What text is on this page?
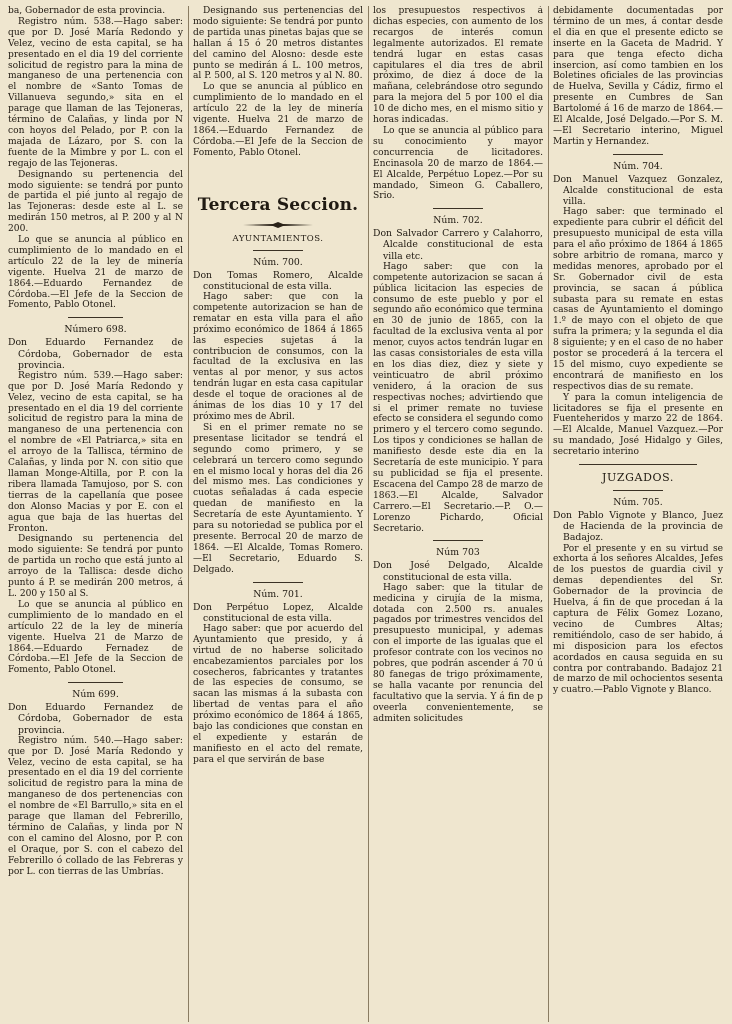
ba, Gobernador de esta provincia.

Registro núm. 538.—Hago saber: que por D. José María Redondo y Velez, vecino de esta capital, se ha presentado en el dia 19 del corriente solicitud de registro para la mina de manganeso de una pertenencia con el nombre de «Santo Tomas de Villanueva segundo,» sita en el parage que llaman de las Tejoneras, término de Calañas, y linda por N con hoyos del Pelado, por P. con la majada de Lázaro, por S. con la fuente de la Mimbre y por L. con el regajo de las Tejoneras.

Designando su pertenencia del modo siguiente: se tendrá por punto de partida el pié junto al regajo de las Tejoneras: desde este al L. se medirán 150 metros, al P. 200 y al N 200.

Lo que se anuncia al público en cumplimiento de lo mandado en el artículo 22 de la ley de minería vigente. Huelva 21 de marzo de 1864.—Eduardo Fernandez de Córdoba.—El Jefe de la Seccion de Fomento, Pablo Otonel.

Número 698.

Don Eduardo Fernandez de Córdoba, Gobernador de esta provincia.

Registro núm. 539.—Hago saber: que por D. José María Redondo y Velez, vecino de esta capital, se ha presentado en el dia 19 del corriente solicitud de registro para la mina de manganeso de una pertenencia con el nombre de «El Patriarca,» sita en el arroyo de la Tallisca, término de Calañas, y linda por N. con sitio que llaman Monge-Altilla, por P. con la ribera llamada Tamujoso, por S. con tierras de la capellanía que posee don Alonso Macias y por E. con el agua que baja de las huertas del Fronton.

Designando su pertenencia del modo siguiente: Se tendrá por punto de partida un rocho que está junto al arroyo de la Tallisca: desde dicho punto á P. se medirán 200 metros, á L. 200 y 150 al S.

Lo que se anuncia al público en cumplimiento de lo mandado en el artículo 22 de la ley de minería vigente. Huelva 21 de Marzo de 1864.—Eduardo Fernadez de Córdoba.—El Jefe de la Seccion de Fomento, Pablo Otonel.

Núm 699.

Don Eduardo Fernandez de Córdoba, Gobernador de esta provincia.

Registro núm. 540.—Hago saber: que por D. José María Redondo y Velez, vecino de esta capital, se ha presentado en el dia 19 del corriente solicitud de registro para la mina de manganeso de dos pertenencias con el nombre de «El Barrullo,» sita en el parage que llaman del Febrerillo, término de Calañas, y linda por N con el camino del Alosno, por P. con el Oraque, por S. con el cabezo del Febrerillo ó collado de las Febreras y por L. con tierras de las Umbrías.

Designando sus pertenencias del modo siguiente: Se tendrá por punto de partida unas pinetas bajas que se hallan á 15 ó 20 metros distantes del camino del Alosno: desde este punto se medirán á L. 100 metros, al P. 500, al S. 120 metros y al N. 80.

Lo que se anuncia al público en cumplimiento de lo mandado en el artículo 22 de la ley de minería vigente. Huelva 21 de marzo de 1864.—Eduardo Fernandez de Córdoba.—El Jefe de la Seccion de Fomento, Pablo Otonel.

Tercera Seccion.
AYUNTAMIENTOS.
Núm. 700.

Don Tomas Romero, Alcalde constitucional de esta villa.

Hago saber: que con la competente autorizacion se han de rematar en esta villa para el año próximo económico de 1864 á 1865 las especies sujetas á la contribucion de consumos, con la facultad de la exclusiva en las ventas al por menor, y sus actos tendrán lugar en esta casa capitular desde el toque de oraciones al de ánimas de los dias 10 y 17 del próximo mes de Abril.

Si en el primer remate no se presentase licitador se tendrá el segundo como primero, y se celebrará un tercero como segundo en el mismo local y horas del dia 26 del mismo mes. Las condiciones y cuotas señaladas á cada especie quedan de manifiesto en la Secretaría de este Ayuntamiento. Y para su notoriedad se publica por el presente. Berrocal 20 de marzo de 1864. —El Alcalde, Tomas Romero. —El Secretario, Eduardo S. Delgado.

Núm. 701.

Don Perpétuo Lopez, Alcalde constitucional de esta villa.

Hago saber: que por acuerdo del Ayuntamiento que presido, y á virtud de no haberse solicitado encabezamientos parciales por los cosecheros, fabricantes y tratantes de las especies de consumo, se sacan las mismas á la subasta con libertad de ventas para el año próximo económico de 1864 á 1865, bajo las condiciones que constan en el expediente y estarán de manifiesto en el acto del remate, para el que servirán de base

los presupuestos respectivos á dichas especies, con aumento de los recargos de interés comun legalmente autorizados. El remate tendrá lugar en estas casas capitulares el dia tres de abril próximo, de diez á doce de la mañana, celebrándose otro segundo para la mejora del 5 por 100 el dia 10 de dicho mes, en el mismo sitio y horas indicadas.

Lo que se anuncia al público para su conocimiento y mayor concurrencia de licitadores. Encinasola 20 de marzo de 1864.—El Alcalde, Perpétuo Lopez.—Por su mandado, Simeon G. Caballero, Srio.

Núm. 702.

Don Salvador Carrero y Calahorro, Alcalde constitucional de esta villa etc.

Hago saber: que con la competente autorizacion se sacan á pública licitacion las especies de consumo de este pueblo y por el segundo año económico que termina en 30 de junio de 1865, con la facultad de la exclusiva venta al por menor, cuyos actos tendrán lugar en las casas consistoriales de esta villa en los dias diez, diez y siete y veinticuatro de abril próximo venidero, á la oracion de sus respectivas noches; advirtiendo que si el primer remate no tuviese efecto se considera el segundo como primero y el tercero como segundo. Los tipos y condiciones se hallan de manifiesto desde este dia en la Secretaría de este municipio. Y para su publicidad se fija el presente. Escacena del Campo 28 de marzo de 1863.—El Alcalde, Salvador Carrero.—El Secretario.—P. O.—Lorenzo Pichardo, Oficial Secretario.

Núm 703

Don José Delgado, Alcalde constitucional de esta villa.

Hago saber: que la titular de medicina y cirujía de la misma, dotada con 2.500 rs. anuales pagados por trimestres vencidos del presupuesto municipal, y ademas con el importe de las igualas que el profesor contrate con los vecinos no pobres, que podrán ascender á 70 ú 80 fanegas de trigo próximamente, se halla vacante por renuncia del facultativo que la servia. Y á fin de p oveerla convenientemente, se admiten solicitudes

debidamente documentadas por término de un mes, á contar desde el dia en que el presente edicto se inserte en la Gaceta de Madrid. Y para que tenga efecto dicha insercion, así como tambien en los Boletines oficiales de las provincias de Huelva, Sevilla y Cádiz, firmo el presente en Cumbres de San Bartolomé á 16 de marzo de 1864.—El Alcalde, José Delgado.—Por S. M.—El Secretario interino, Miguel Martin y Hernandez.

Núm. 704.

Don Manuel Vazquez Gonzalez, Alcalde constitucional de esta villa.

Hago saber: que terminado el expediente para cubrir el déficit del presupuesto municipal de esta villa para el año próximo de 1864 á 1865 sobre arbitrio de romana, marco y medidas menores, aprobado por el Sr. Gobernador civil de esta provincia, se sacan á pública subasta para su remate en estas casas de Ayuntamiento el domingo 1.º de mayo con el objeto de que sufra la primera; y la segunda el dia 8 siguiente; y en el caso de no haber postor se procederá á la tercera el 15 del mismo, cuyo expediente se encontrará de manifiesto en los respectivos dias de su remate.

Y para la comun inteligencia de licitadores se fija el presente en Fuenteheridos y marzo 22 de 1864.—El Alcalde, Manuel Vazquez.—Por su mandado, José Hidalgo y Giles, secretario interino

JUZGADOS.
Núm. 705.

Don Pablo Vignote y Blanco, Juez de Hacienda de la provincia de Badajoz.

Por el presente y en su virtud se exhorta á los señores Alcaldes, Jefes de los puestos de guardia civil y demas dependientes del Sr. Gobernador de la provincia de Huelva, á fin de que procedan á la captura de Félix Gomez Lozano, vecino de Cumbres Altas; remitiéndolo, caso de ser habido, á mi disposicion para los efectos acordados en causa seguida en su contra por contrabando. Badajoz 21 de marzo de mil ochocientos sesenta y cuatro.—Pablo Vignote y Blanco.
